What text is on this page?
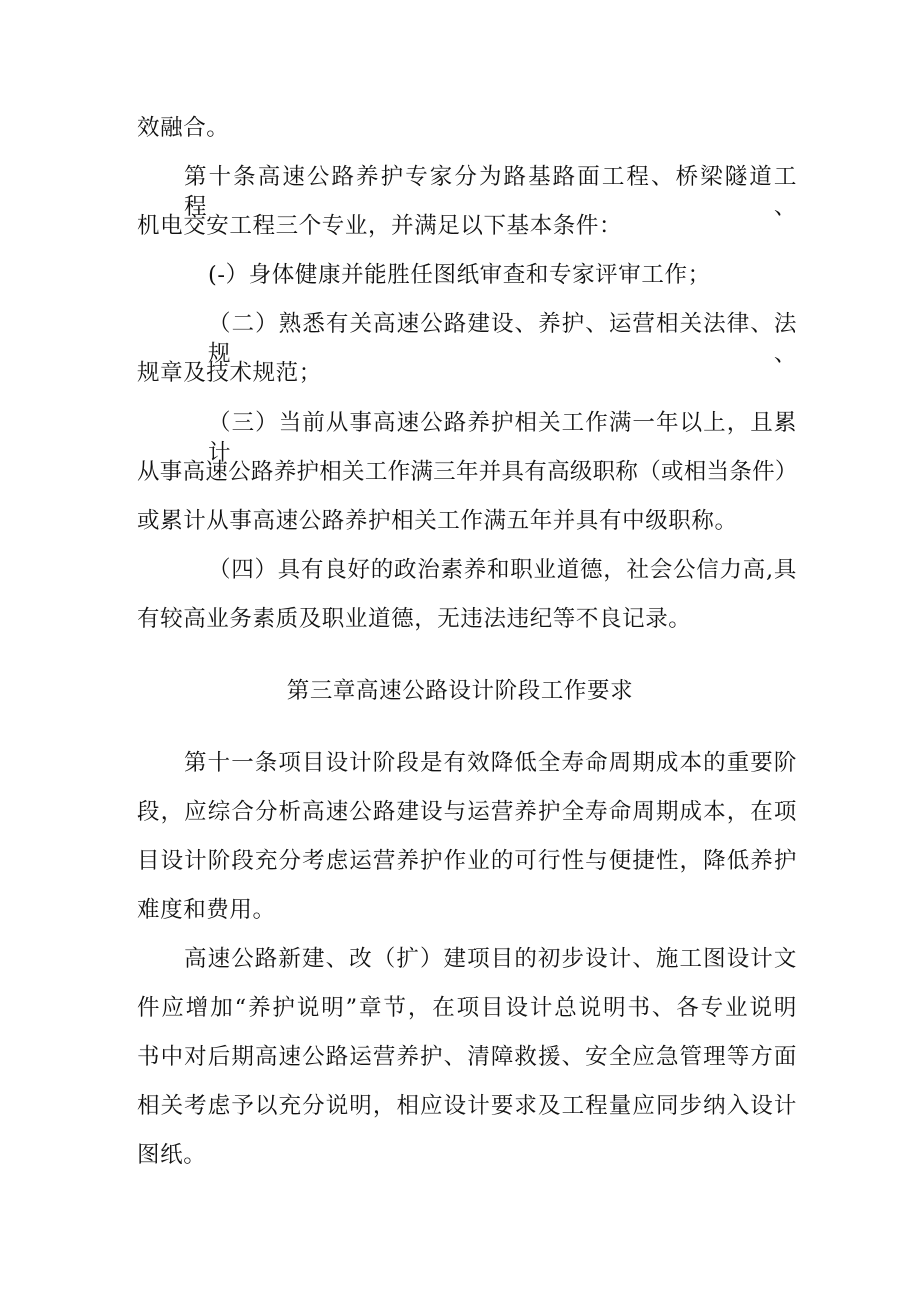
效融合。
第十条高速公路养护专家分为路基路面工程、桥梁隧道工程、
机电交安工程三个专业，并满足以下基本条件：
(-）身体健康并能胜任图纸审查和专家评审工作；
（二）熟悉有关高速公路建设、养护、运营相关法律、法规、
规章及技术规范；
（三）当前从事高速公路养护相关工作满一年以上，且累计
从事高速公路养护相关工作满三年并具有高级职称（或相当条件）
或累计从事高速公路养护相关工作满五年并具有中级职称。
（四）具有良好的政治素养和职业道德，社会公信力高,具
有较高业务素质及职业道德，无违法违纪等不良记录。
第三章高速公路设计阶段工作要求
第十一条项目设计阶段是有效降低全寿命周期成本的重要阶
段，应综合分析高速公路建设与运营养护全寿命周期成本，在项
目设计阶段充分考虑运营养护作业的可行性与便捷性，降低养护
难度和费用。
高速公路新建、改（扩）建项目的初步设计、施工图设计文
件应增加“养护说明”章节，在项目设计总说明书、各专业说明
书中对后期高速公路运营养护、清障救援、安全应急管理等方面
相关考虑予以充分说明，相应设计要求及工程量应同步纳入设计
图纸。
